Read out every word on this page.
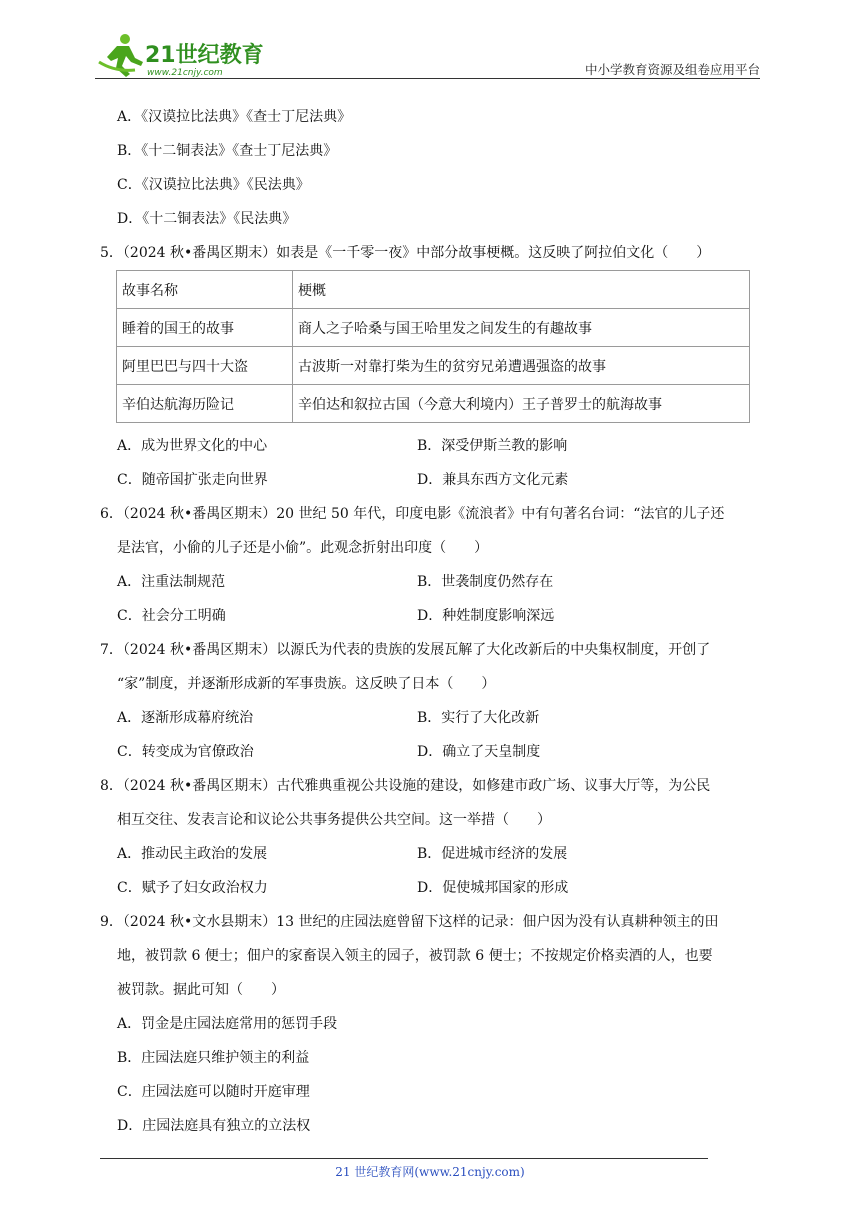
21世纪教育
www.21cnjy.com	中小学教育资源及组卷应用平台
A．《汉谟拉比法典》《查士丁尼法典》
B．《十二铜表法》《查士丁尼法典》
C．《汉谟拉比法典》《民法典》
D．《十二铜表法》《民法典》
5．（2024 秋•番禺区期末）如表是《一千零一夜》中部分故事梗概。这反映了阿拉伯文化（　　）
故事名称	梗概
睡着的国王的故事	商人之子哈桑与国王哈里发之间发生的有趣故事
阿里巴巴与四十大盗	古波斯一对靠打柴为生的贫穷兄弟遭遇强盗的故事
辛伯达航海历险记	辛伯达和叙拉古国（今意大利境内）王子普罗士的航海故事
A．成为世界文化的中心	B．深受伊斯兰教的影响
C．随帝国扩张走向世界	D．兼具东西方文化元素
6．（2024 秋•番禺区期末）20 世纪 50 年代，印度电影《流浪者》中有句著名台词：“法官的儿子还
是法官，小偷的儿子还是小偷”。此观念折射出印度（　　）
A．注重法制规范	B．世袭制度仍然存在
C．社会分工明确	D．种姓制度影响深远
7．（2024 秋•番禺区期末）以源氏为代表的贵族的发展瓦解了大化改新后的中央集权制度，开创了
“家”制度，并逐渐形成新的军事贵族。这反映了日本（　　）
A．逐渐形成幕府统治	B．实行了大化改新
C．转变成为官僚政治	D．确立了天皇制度
8．（2024 秋•番禺区期末）古代雅典重视公共设施的建设，如修建市政广场、议事大厅等，为公民
相互交往、发表言论和议论公共事务提供公共空间。这一举措（　　）
A．推动民主政治的发展	B．促进城市经济的发展
C．赋予了妇女政治权力	D．促使城邦国家的形成
9．（2024 秋•文水县期末）13 世纪的庄园法庭曾留下这样的记录：佃户因为没有认真耕种领主的田
地，被罚款 6 便士；佃户的家畜误入领主的园子，被罚款 6 便士；不按规定价格卖酒的人，也要
被罚款。据此可知（　　）
A．罚金是庄园法庭常用的惩罚手段
B．庄园法庭只维护领主的利益
C．庄园法庭可以随时开庭审理
D．庄园法庭具有独立的立法权
21 世纪教育网(www.21cnjy.com)
